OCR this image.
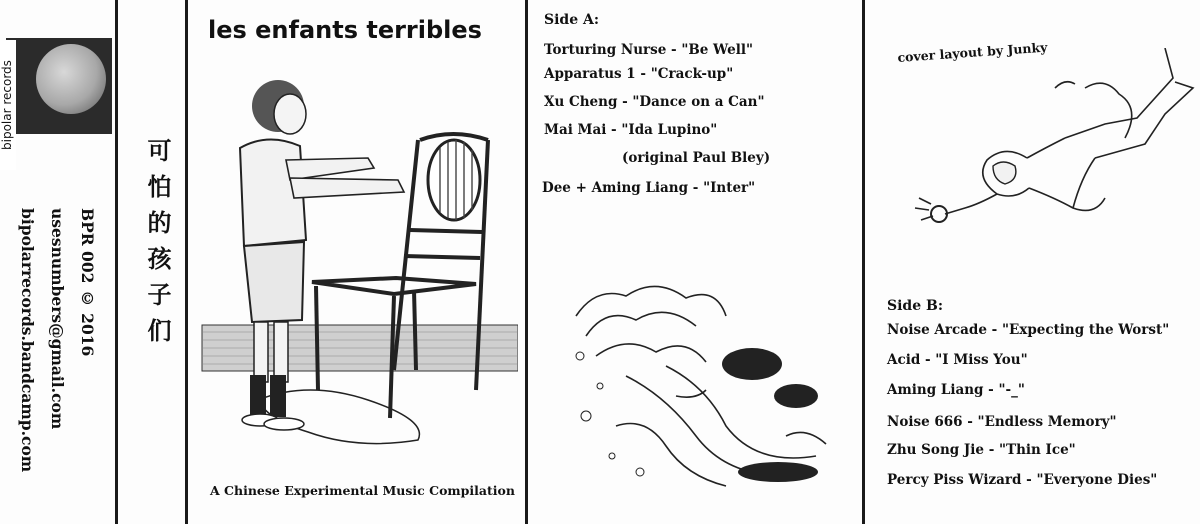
bipolar records
BPR 002 © 2016
usesnumbers@gmail.com
bipolarrecords.bandcamp.com	可怕的孩子们
les enfants terribles
A Chinese Experimental Music Compilation
Side A:
Torturing Nurse - "Be Well"
Apparatus 1 - "Crack-up"
Xu Cheng - "Dance on a Can"
Mai Mai - "Ida Lupino"
(original Paul Bley)
Dee + Aming Liang - "Inter"
cover layout by Junky
Side B:
Noise Arcade - "Expecting the Worst"
Acid - "I Miss You"
Aming Liang - "-_"
Noise 666 - "Endless Memory"
Zhu Song Jie - "Thin Ice"
Percy Piss Wizard - "Everyone Dies"
